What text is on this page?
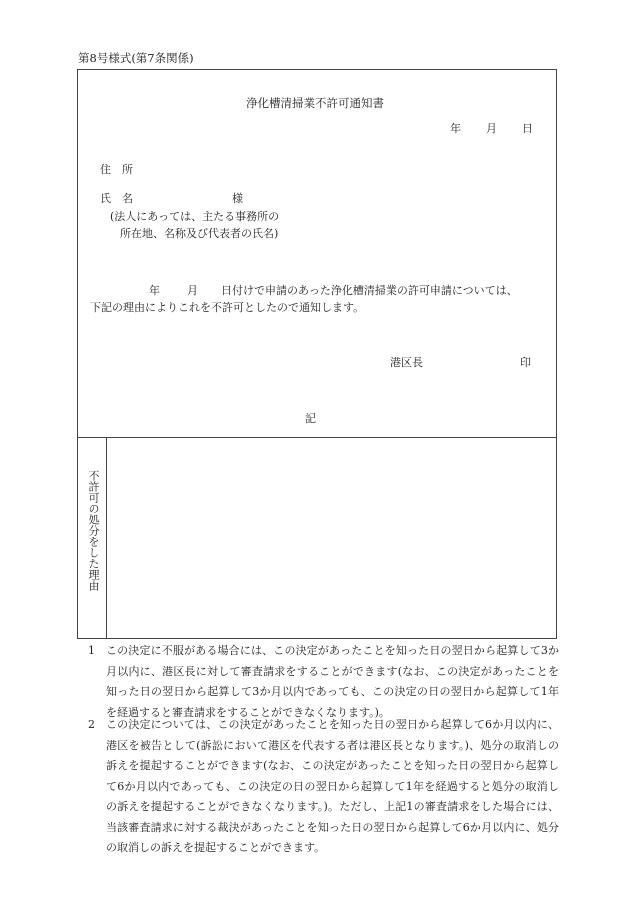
第8号様式(第7条関係)
浄化槽清掃業不許可通知書
年 月 日
住　所
氏　名	様
(法人にあっては、主たる事務所の
所在地、名称及び代表者の氏名)
年 月 日付けで申請のあった浄化槽清掃業の許可申請については、
下記の理由によりこれを不許可としたので通知します。
港区長	印
記
不許可の処分をした理由
1 この決定に不服がある場合には、この決定があったことを知った日の翌日から起算して3か月以内に、港区長に対して審査請求をすることができます(なお、この決定があったことを知った日の翌日から起算して3か月以内であっても、この決定の日の翌日から起算して1年を経過すると審査請求をすることができなくなります。)。
2 この決定については、この決定があったことを知った日の翌日から起算して6か月以内に、港区を被告として(訴訟において港区を代表する者は港区長となります。)、処分の取消しの訴えを提起することができます(なお、この決定があったことを知った日の翌日から起算して6か月以内であっても、この決定の日の翌日から起算して1年を経過すると処分の取消しの訴えを提起することができなくなります。)。ただし、上記1の審査請求をした場合には、当該審査請求に対する裁決があったことを知った日の翌日から起算して6か月以内に、処分の取消しの訴えを提起することができます。
